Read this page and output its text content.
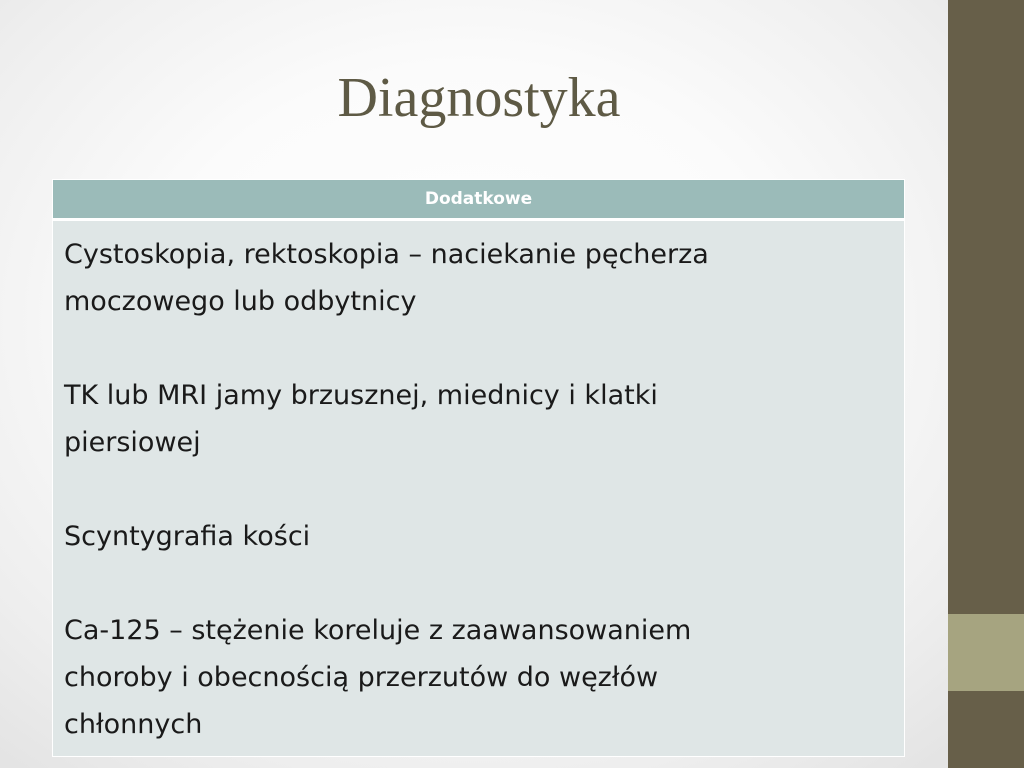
Diagnostyka
Dodatkowe

Cystoskopia, rektoskopia – naciekanie pęcherza

moczowego lub odbytnicy

TK lub MRI jamy brzusznej, miednicy i klatki

piersiowej

Scyntygrafia kości

Ca-125 – stężenie koreluje z zaawansowaniem

choroby i obecnością przerzutów do węzłów

chłonnych
